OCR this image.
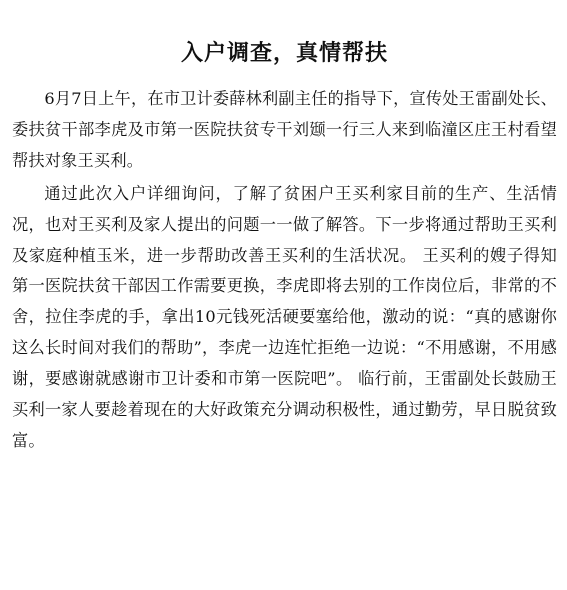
入户调查，真情帮扶

6月7日上午，在市卫计委薛林利副主任的指导下，宣传处王雷副处长、委扶贫干部李虎及市第一医院扶贫专干刘颋一行三人来到临潼区庄王村看望帮扶对象王买利。

通过此次入户详细询问，了解了贫困户王买利家目前的生产、生活情况，也对王买利及家人提出的问题一一做了解答。下一步将通过帮助王买利及家庭种植玉米，进一步帮助改善王买利的生活状况。 王买利的嫂子得知第一医院扶贫干部因工作需要更换，李虎即将去别的工作岗位后，非常的不舍，拉住李虎的手，拿出10元钱死活硬要塞给他，激动的说：“真的感谢你这么长时间对我们的帮助”，李虎一边连忙拒绝一边说：“不用感谢，不用感谢，要感谢就感谢市卫计委和市第一医院吧”。 临行前，王雷副处长鼓励王买利一家人要趁着现在的大好政策充分调动积极性，通过勤劳，早日脱贫致富。
